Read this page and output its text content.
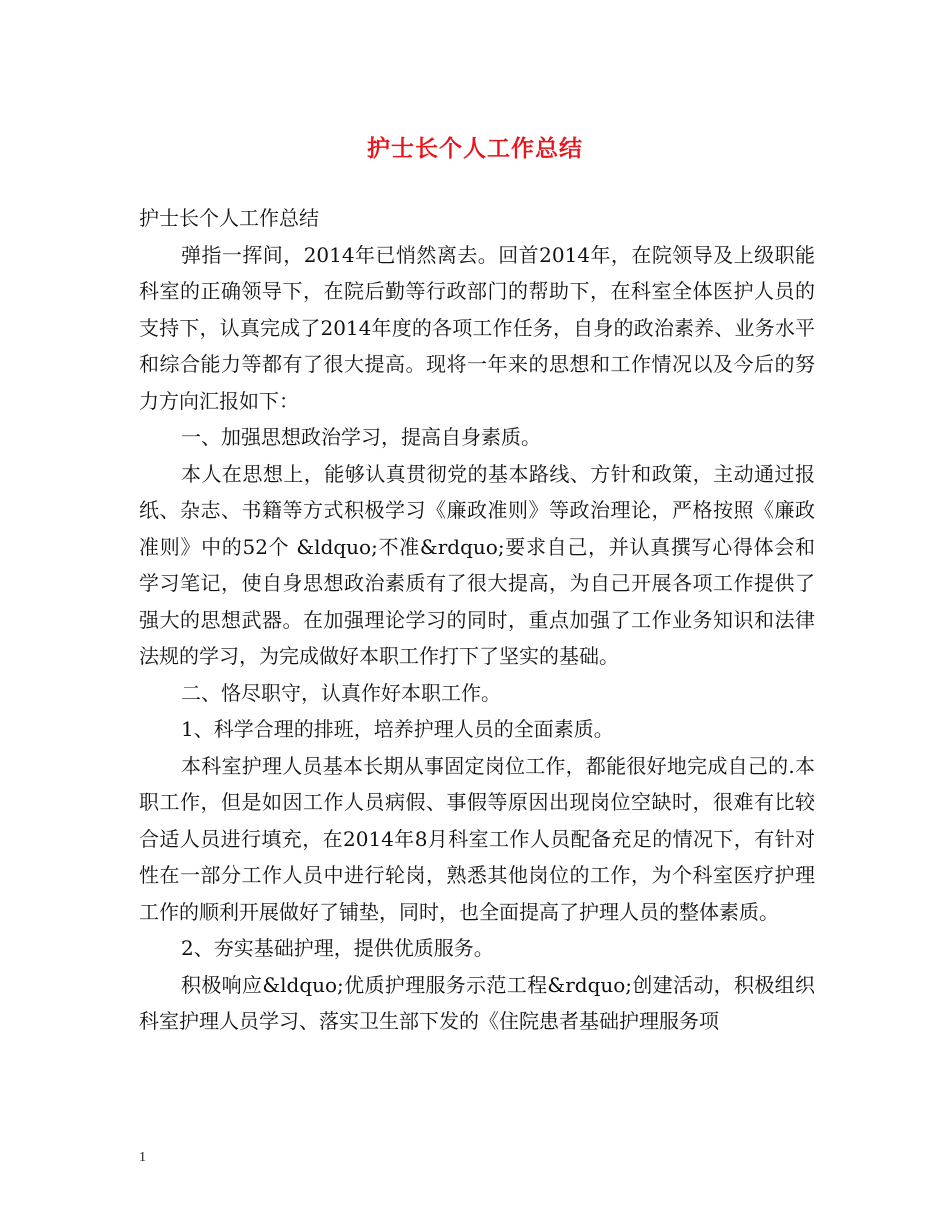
护士长个人工作总结

护士长个人工作总结

弹指一挥间，2014年已悄然离去。回首2014年，在院领导及上级职能科室的正确领导下，在院后勤等行政部门的帮助下，在科室全体医护人员的支持下，认真完成了2014年度的各项工作任务，自身的政治素养、业务水平和综合能力等都有了很大提高。现将一年来的思想和工作情况以及今后的努力方向汇报如下：

一、加强思想政治学习，提高自身素质。

本人在思想上，能够认真贯彻党的基本路线、方针和政策，主动通过报纸、杂志、书籍等方式积极学习《廉政准则》等政治理论，严格按照《廉政准则》中的52个 &ldquo;不准&rdquo;要求自己，并认真撰写心得体会和学习笔记，使自身思想政治素质有了很大提高，为自己开展各项工作提供了强大的思想武器。在加强理论学习的同时，重点加强了工作业务知识和法律法规的学习，为完成做好本职工作打下了坚实的基础。

二、恪尽职守，认真作好本职工作。

1、科学合理的排班，培养护理人员的全面素质。

本科室护理人员基本长期从事固定岗位工作，都能很好地完成自己的.本职工作，但是如因工作人员病假、事假等原因出现岗位空缺时，很难有比较合适人员进行填充，在2014年8月科室工作人员配备充足的情况下，有针对性在一部分工作人员中进行轮岗，熟悉其他岗位的工作，为个科室医疗护理工作的顺利开展做好了铺垫，同时，也全面提高了护理人员的整体素质。

2、夯实基础护理，提供优质服务。

积极响应&ldquo;优质护理服务示范工程&rdquo;创建活动，积极组织科室护理人员学习、落实卫生部下发的《住院患者基础护理服务项

1
